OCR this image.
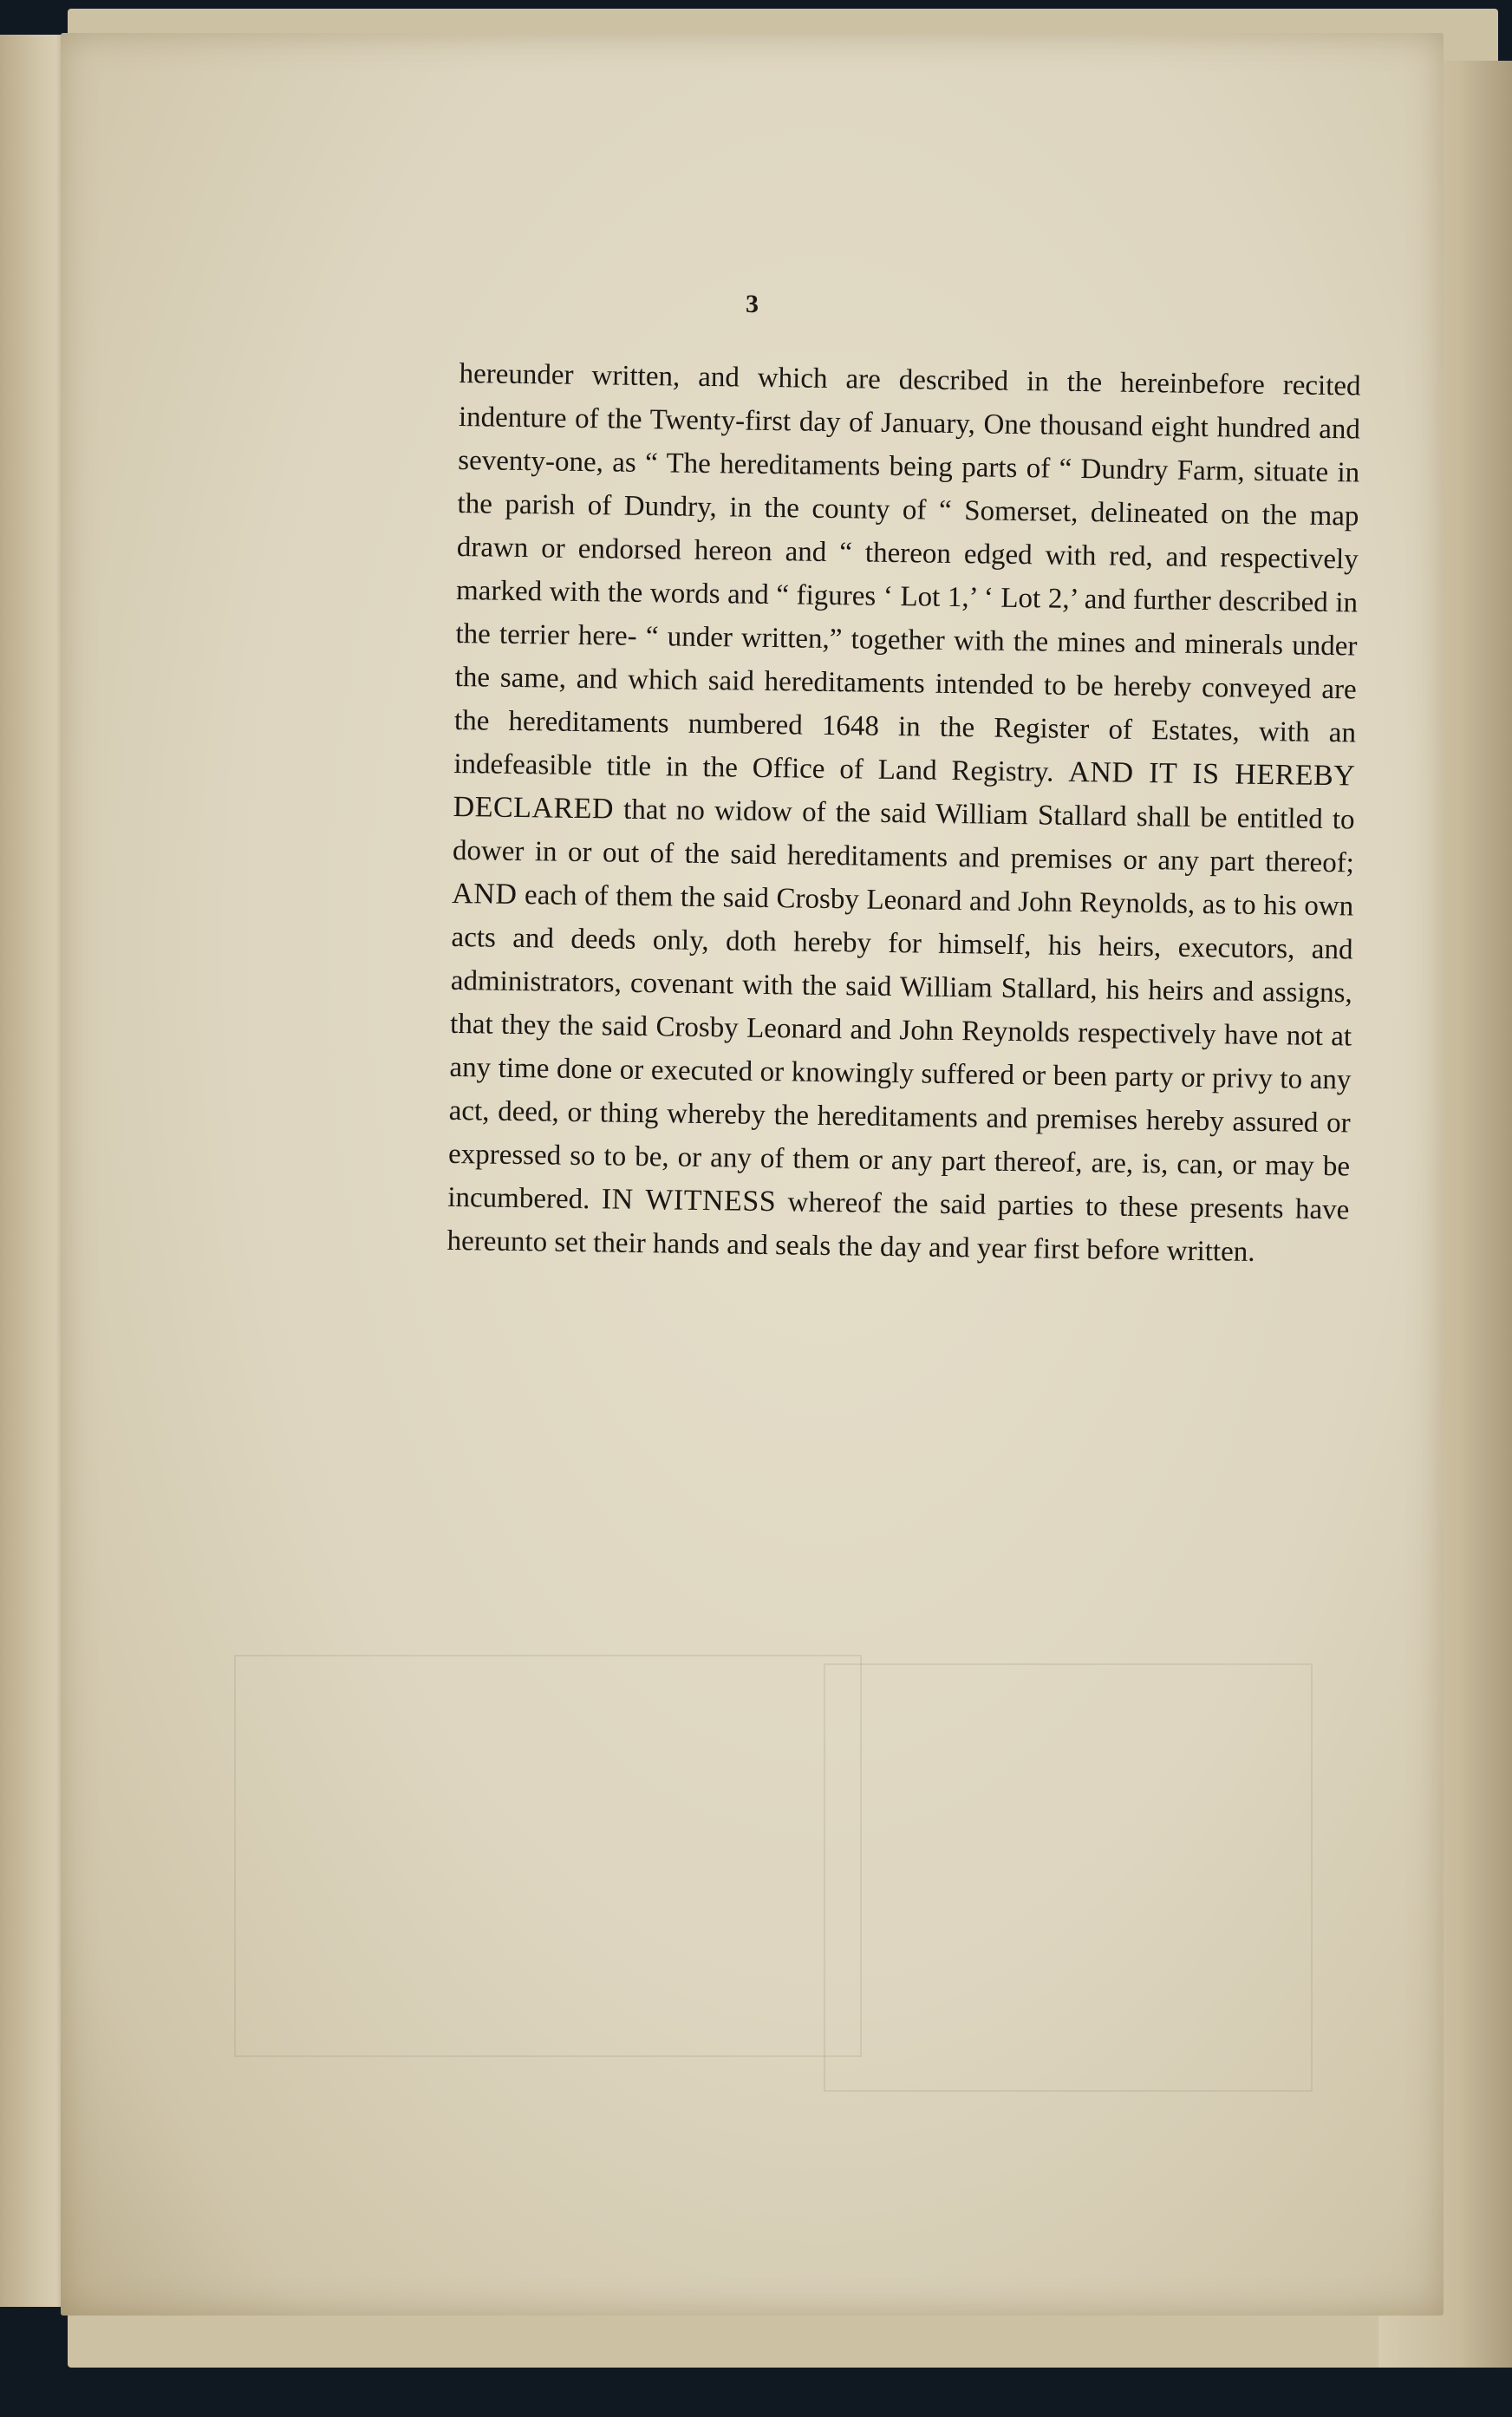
3

hereunder written, and which are described in the hereinbefore recited indenture of the Twenty-first day of January, One thousand eight hundred and seventy-one, as “ The hereditaments being parts of “ Dundry Farm, situate in the parish of Dundry, in the county of “ Somerset, delineated on the map drawn or endorsed hereon and “ thereon edged with red, and respectively marked with the words and “ figures ‘ Lot 1,’ ‘ Lot 2,’ and further described in the terrier here- “ under written,” together with the mines and minerals under the same, and which said hereditaments intended to be hereby conveyed are the hereditaments numbered 1648 in the Register of Estates, with an indefeasible title in the Office of Land Registry. AND IT IS HEREBY DECLARED that no widow of the said William Stallard shall be entitled to dower in or out of the said hereditaments and premises or any part thereof; AND each of them the said Crosby Leonard and John Reynolds, as to his own acts and deeds only, doth hereby for himself, his heirs, executors, and administrators, covenant with the said William Stallard, his heirs and assigns, that they the said Crosby Leonard and John Reynolds respectively have not at any time done or executed or knowingly suffered or been party or privy to any act, deed, or thing whereby the hereditaments and premises hereby assured or expressed so to be, or any of them or any part thereof, are, is, can, or may be incumbered. IN WITNESS whereof the said parties to these presents have hereunto set their hands and seals the day and year first before written.
